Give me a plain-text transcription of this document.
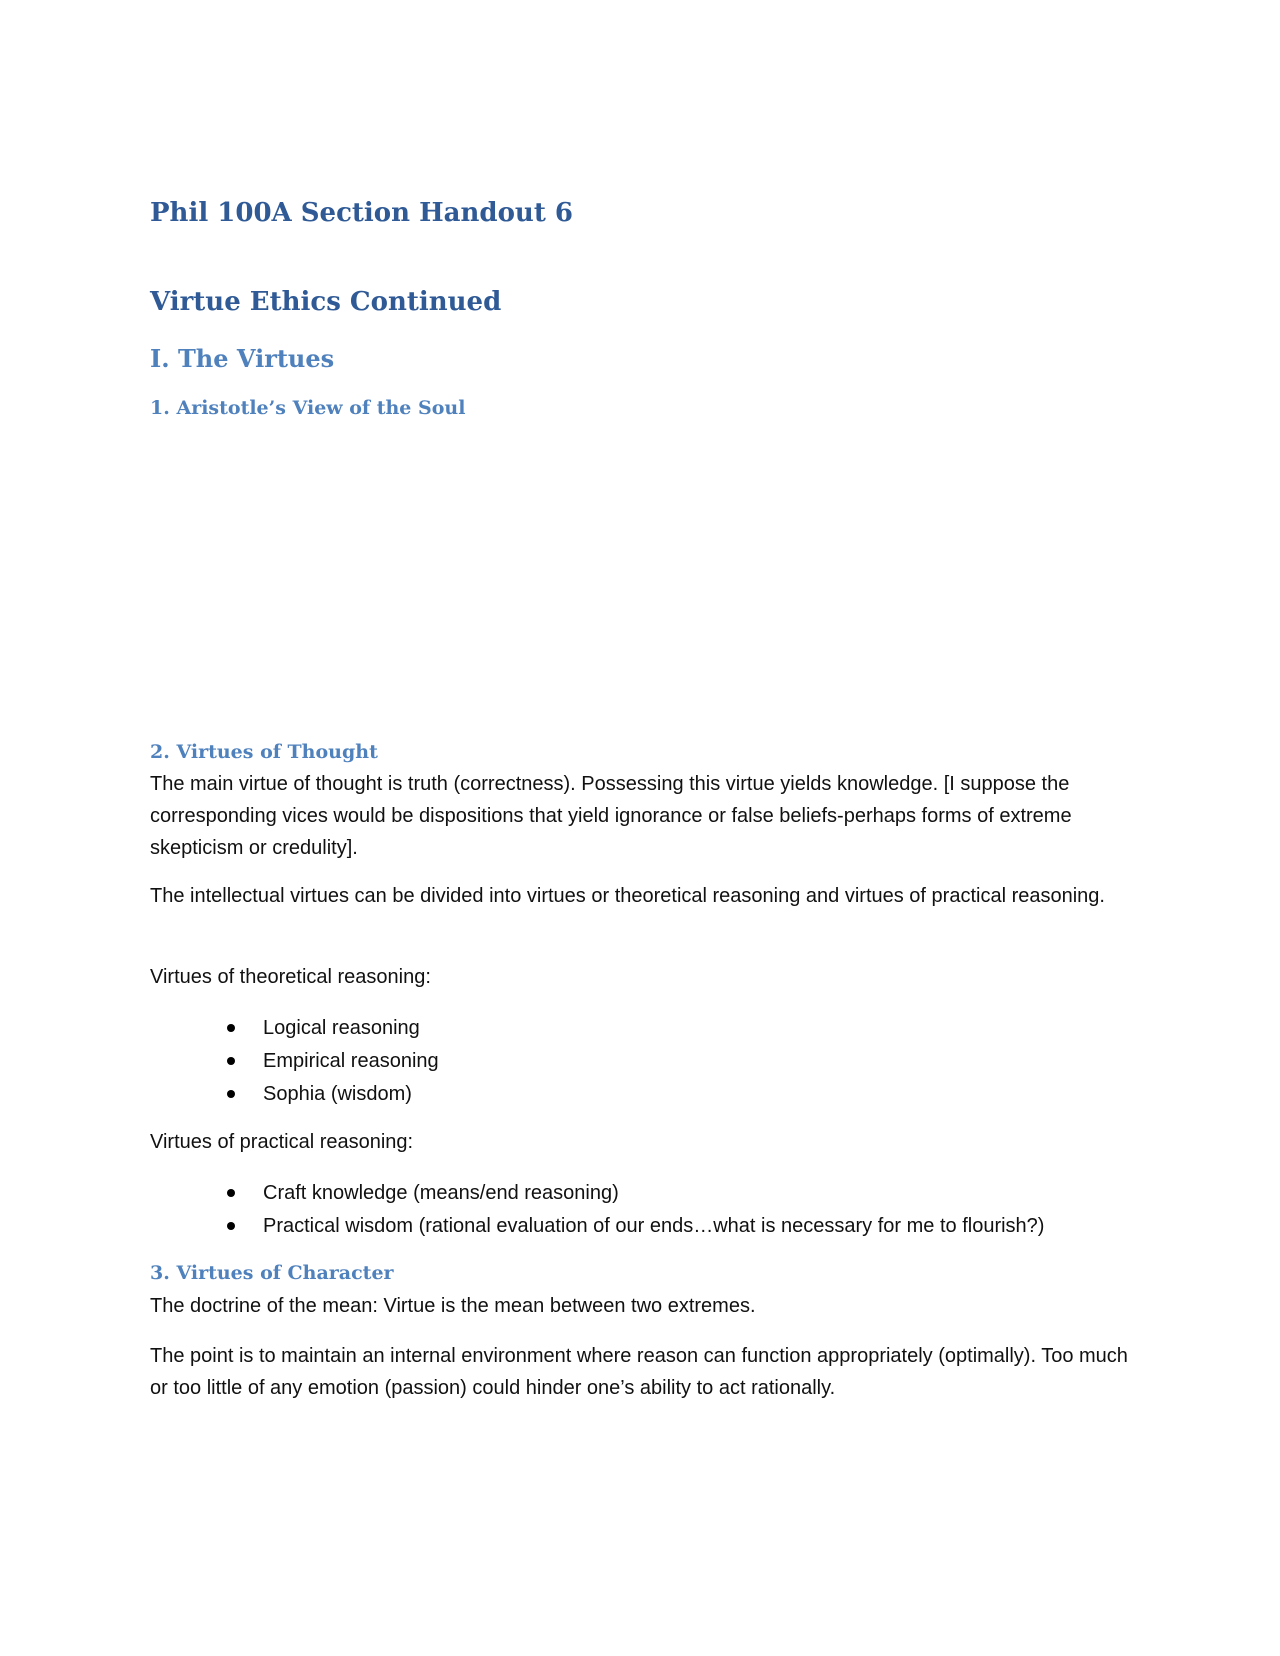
Phil 100A Section Handout 6
Virtue Ethics Continued
I. The Virtues
1. Aristotle’s View of the Soul
2. Virtues of Thought

The main virtue of thought is truth (correctness). Possessing this virtue yields knowledge. [I suppose the corresponding vices would be dispositions that yield ignorance or false beliefs-perhaps forms of extreme skepticism or credulity].

The intellectual virtues can be divided into virtues or theoretical reasoning and virtues of practical reasoning.

Virtues of theoretical reasoning:

Logical reasoning
Empirical reasoning
Sophia (wisdom)

Virtues of practical reasoning:

Craft knowledge (means/end reasoning)
Practical wisdom (rational evaluation of our ends…what is necessary for me to flourish?)
3. Virtues of Character

The doctrine of the mean: Virtue is the mean between two extremes.

The point is to maintain an internal environment where reason can function appropriately (optimally). Too much or too little of any emotion (passion) could hinder one’s ability to act rationally.
